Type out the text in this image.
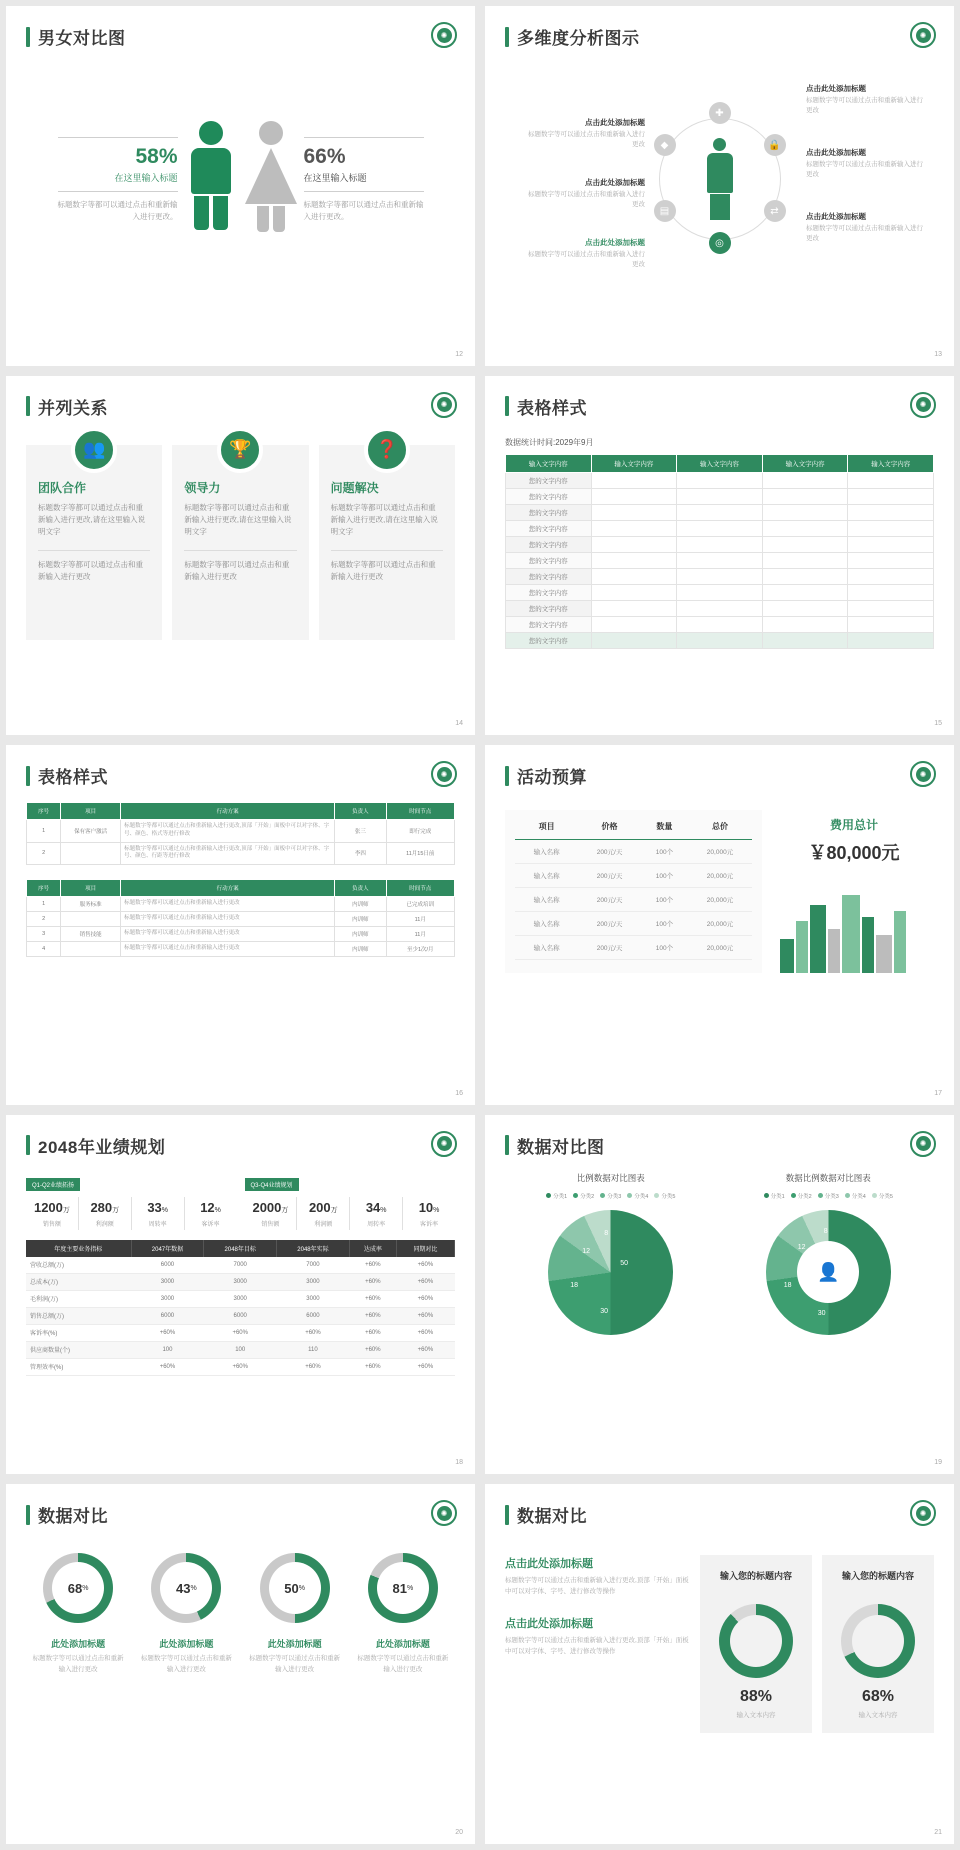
男女对比图	✺
58%
在这里输入标题
标题数字等都可以通过点击和重新输入进行更改。
66%
在这里输入标题
标题数字等都可以通过点击和重新输入进行更改。
12
多维度分析图示	✺
点击此处添加标题
标题数字等可以通过点击和重新输入进行更改
点击此处添加标题
标题数字等可以通过点击和重新输入进行更改
点击此处添加标题
标题数字等可以通过点击和重新输入进行更改
点击此处添加标题
标题数字等可以通过点击和重新输入进行更改
点击此处添加标题
标题数字等可以通过点击和重新输入进行更改
点击此处添加标题
标题数字等可以通过点击和重新输入进行更改
✚
🔒
⇄
◎
▤
◆
13
并列关系	✺
👥
团队合作
标题数字等都可以通过点击和重新输入进行更改,请在这里输入说明文字
标题数字等都可以通过点击和重新输入进行更改
🏆
领导力
标题数字等都可以通过点击和重新输入进行更改,请在这里输入说明文字
标题数字等都可以通过点击和重新输入进行更改
❓
问题解决
标题数字等都可以通过点击和重新输入进行更改,请在这里输入说明文字
标题数字等都可以通过点击和重新输入进行更改
14
表格样式	✺
数据统计时间:2029年9月
输入文字内容	输入文字内容	输入文字内容	输入文字内容	输入文字内容
您的文字内容				
您的文字内容				
您的文字内容				
您的文字内容				
您的文字内容				
您的文字内容				
您的文字内容				
您的文字内容				
您的文字内容				
您的文字内容				
您的文字内容				
15
表格样式	✺
序号	项目	行动方案	负责人	时间节点
1	保有客户激活	标题数字等都可以通过点击和重新输入进行更改,顶部「开始」面板中可以对字体、字号、颜色、格式等进行修改	张三	即行完成
2		标题数字等都可以通过点击和重新输入进行更改,顶部「开始」面板中可以对字体、字号、颜色、行距等进行修改	李四	11月15日前
序号	项目	行动方案	负责人	时间节点
1	服务标准	标题数字等都可以通过点击和重新输入进行更改	内训师	已完成培训
2		标题数字等都可以通过点击和重新输入进行更改	内训师	11月
3	销售技能	标题数字等都可以通过点击和重新输入进行更改	内训师	11月
4		标题数字等都可以通过点击和重新输入进行更改	内训师	至少1次/月
16
活动预算	✺
项目	价格	数量	总价
输入名称	200元/天	100个	20,000元
输入名称	200元/天	100个	20,000元
输入名称	200元/天	100个	20,000元
输入名称	200元/天	100个	20,000元
输入名称	200元/天	100个	20,000元
费用总计
￥80,000元
17
2048年业绩规划	✺
Q1-Q2业绩拓扬
1200万
销售额
280万
利润额
33%
周转率
12%
客诉率
Q3-Q4业绩规划
2000万
销售额
200万
利润额
34%
周转率
10%
客诉率
年度主要业务指标	2047年数据	2048年目标	2048年实际	达成率	同期对比
营收总额(万)	6000	7000	7000	+60%	+60%
总成本(万)	3000	3000	3000	+60%	+60%
毛利润(万)	3000	3000	3000	+60%	+60%
销售总额(万)	6000	6000	6000	+60%	+60%
客诉率(%)	+60%	+60%	+60%	+60%	+60%
供应商数量(个)	100	100	110	+60%	+60%
管理效率(%)	+60%	+60%	+60%	+60%	+60%
18
数据对比图	✺
比例数据对比图表
分类1 分类2 分类3 分类4 分类5
50
30
18
12
8
数据比例数据对比图表
分类1 分类2 分类3 分类4 分类5
30
18
12
8
👤
19
数据对比	✺
68 %
此处添加标题
标题数字等可以通过点击和重新输入进行更改
43 %
此处添加标题
标题数字等可以通过点击和重新输入进行更改
50 %
此处添加标题
标题数字等可以通过点击和重新输入进行更改
81 %
此处添加标题
标题数字等可以通过点击和重新输入进行更改
20
数据对比	✺
点击此处添加标题

标题数字等可以通过点击和重新输入进行更改,顶部「开始」面板中可以对字体、字号、进行修改等操作

点击此处添加标题

标题数字等可以通过点击和重新输入进行更改,顶部「开始」面板中可以对字体、字号、进行修改等操作

输入您的标题内容
88%
输入文本内容
输入您的标题内容
68%
输入文本内容
21
